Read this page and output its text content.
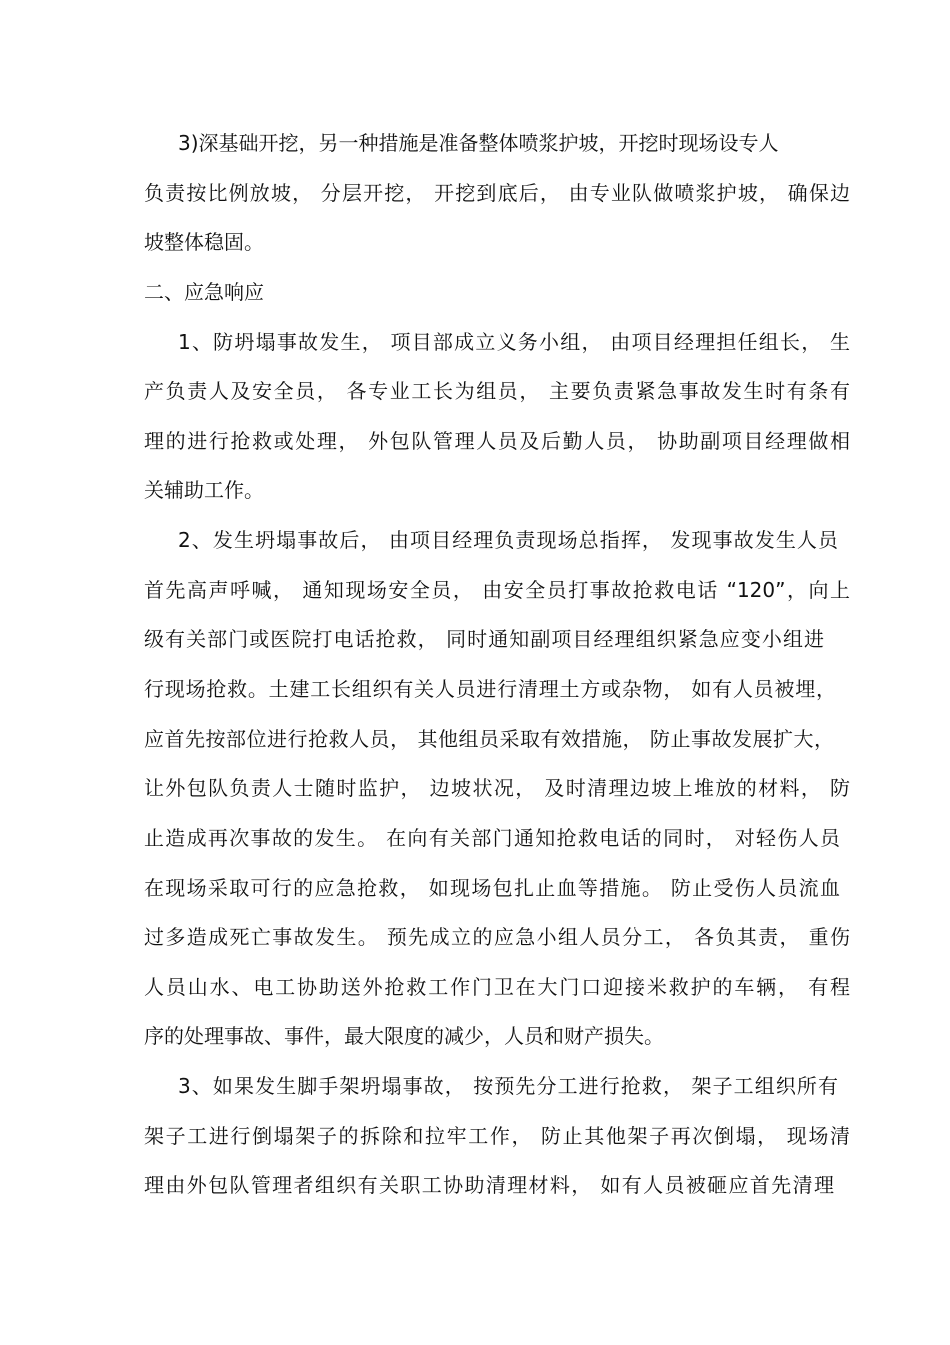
3)深基础开挖，另一种措施是准备整体喷浆护坡，开挖时现场设专人
负责按比例放坡， 分层开挖， 开挖到底后， 由专业队做喷浆护坡， 确保边
坡整体稳固。
二、应急响应
1、防坍塌事故发生， 项目部成立义务小组， 由项目经理担任组长， 生
产负责人及安全员， 各专业工长为组员， 主要负责紧急事故发生时有条有
理的进行抢救或处理， 外包队管理人员及后勤人员， 协助副项目经理做相
关辅助工作。
2、发生坍塌事故后， 由项目经理负责现场总指挥， 发现事故发生人员
首先高声呼喊， 通知现场安全员， 由安全员打事故抢救电话 “120”，向上
级有关部门或医院打电话抢救， 同时通知副项目经理组织紧急应变小组进
行现场抢救。土建工长组织有关人员进行清理土方或杂物， 如有人员被埋，
应首先按部位进行抢救人员， 其他组员采取有效措施， 防止事故发展扩大，
让外包队负责人士随时监护， 边坡状况， 及时清理边坡上堆放的材料， 防
止造成再次事故的发生。 在向有关部门通知抢救电话的同时， 对轻伤人员
在现场采取可行的应急抢救， 如现场包扎止血等措施。 防止受伤人员流血
过多造成死亡事故发生。 预先成立的应急小组人员分工， 各负其责， 重伤
人员山水、电工协助送外抢救工作门卫在大门口迎接米救护的车辆， 有程
序的处理事故、事件，最大限度的减少，人员和财产损失。
3、如果发生脚手架坍塌事故， 按预先分工进行抢救， 架子工组织所有
架子工进行倒塌架子的拆除和拉牢工作， 防止其他架子再次倒塌， 现场清
理由外包队管理者组织有关职工协助清理材料， 如有人员被砸应首先清理
